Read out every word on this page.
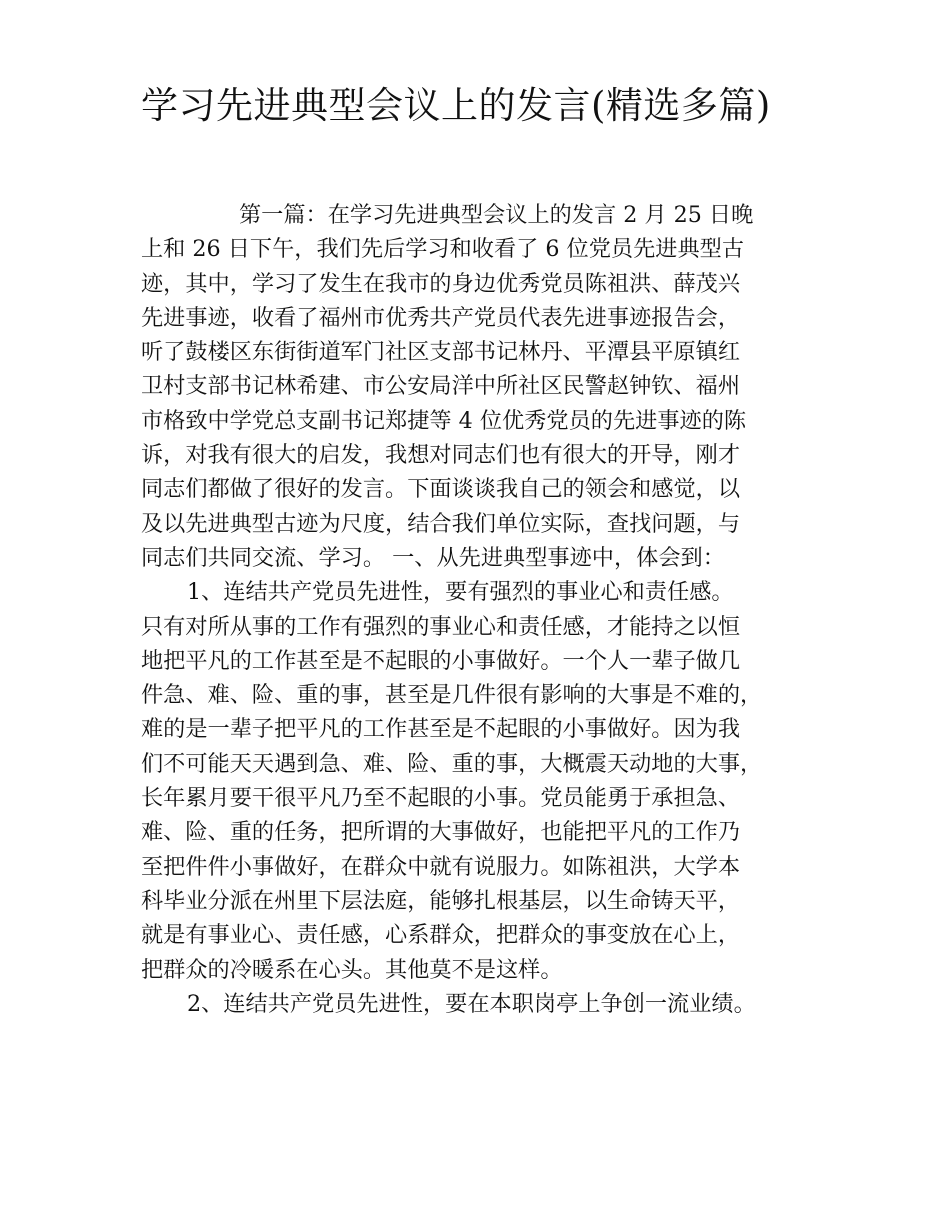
学习先进典型会议上的发言(精选多篇)

第一篇：在学习先进典型会议上的发言 2 月 25 日晚
上和 26 日下午，我们先后学习和收看了 6 位党员先进典型古
迹，其中，学习了发生在我市的身边优秀党员陈祖洪、薛茂兴
先进事迹，收看了福州市优秀共产党员代表先进事迹报告会，
听了鼓楼区东街街道军门社区支部书记林丹、平潭县平原镇红
卫村支部书记林希建、市公安局洋中所社区民警赵钟钦、福州
市格致中学党总支副书记郑捷等 4 位优秀党员的先进事迹的陈
诉，对我有很大的启发，我想对同志们也有很大的开导，刚才
同志们都做了很好的发言。下面谈谈我自己的领会和感觉，以
及以先进典型古迹为尺度，结合我们单位实际，查找问题，与
同志们共同交流、学习。 一、从先进典型事迹中，体会到：

1、连结共产党员先进性，要有强烈的事业心和责任感。
只有对所从事的工作有强烈的事业心和责任感，才能持之以恒
地把平凡的工作甚至是不起眼的小事做好。一个人一辈子做几
件急、难、险、重的事，甚至是几件很有影响的大事是不难的，
难的是一辈子把平凡的工作甚至是不起眼的小事做好。因为我
们不可能天天遇到急、难、险、重的事，大概震天动地的大事，
长年累月要干很平凡乃至不起眼的小事。党员能勇于承担急、
难、险、重的任务，把所谓的大事做好，也能把平凡的工作乃
至把件件小事做好，在群众中就有说服力。如陈祖洪，大学本
科毕业分派在州里下层法庭，能够扎根基层，以生命铸天平，
就是有事业心、责任感，心系群众，把群众的事变放在心上，
把群众的冷暖系在心头。其他莫不是这样。

2、连结共产党员先进性，要在本职岗亭上争创一流业绩。
